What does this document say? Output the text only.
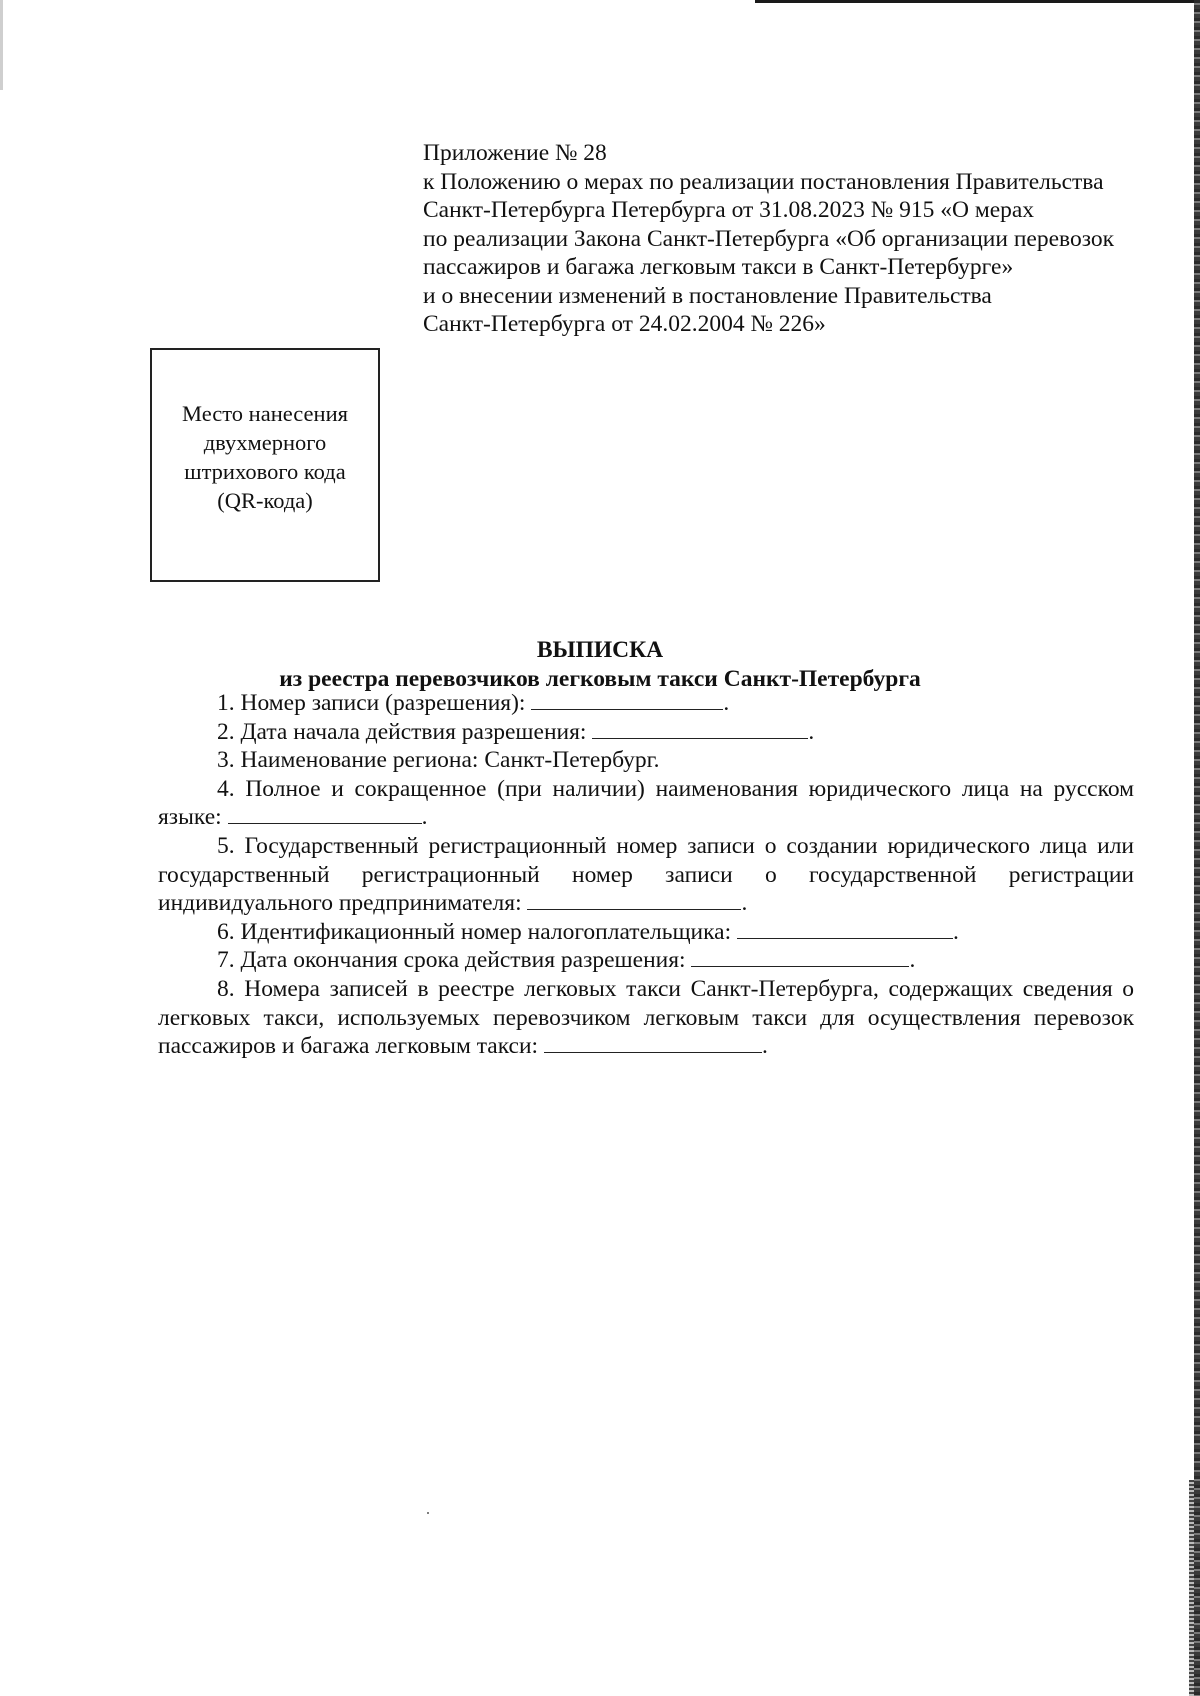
Приложение № 28
к Положению о мерах по реализации постановления Правительства
Санкт-Петербурга Петербурга от 31.08.2023 № 915 «О мерах
по реализации Закона Санкт-Петербурга «Об организации перевозок
пассажиров и багажа легковым такси в Санкт-Петербурге»
и о внесении изменений в постановление Правительства
Санкт-Петербурга от 24.02.2004 № 226»
Место нанесения
двухмерного
штрихового кода
(QR-кода)
ВЫПИСКА
из реестра перевозчиков легковым такси Санкт-Петербурга
1. Номер записи (разрешения):	.
2. Дата начала действия разрешения:	.
3. Наименование региона: Санкт-Петербург.
4. Полное и сокращенное (при наличии) наименования юридического лица на русском языке:	.
5. Государственный регистрационный номер записи о создании юридического лица или государственный регистрационный номер записи о государственной регистрации индивидуального предпринимателя:	.
6. Идентификационный номер налогоплательщика:	.
7. Дата окончания срока действия разрешения:	.
8. Номера записей в реестре легковых такси Санкт-Петербурга, содержащих сведения о легковых такси, используемых перевозчиком легковым такси для осуществления перевозок пассажиров и багажа легковым такси:	.
